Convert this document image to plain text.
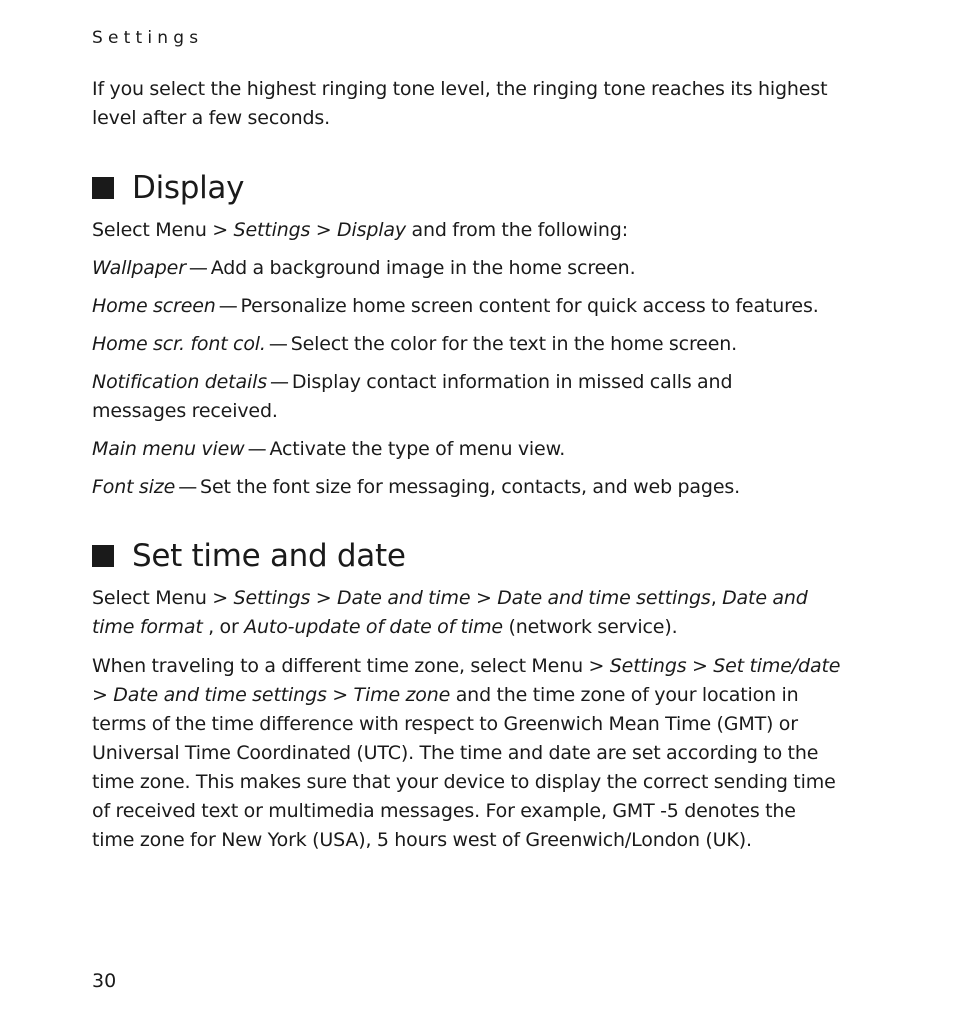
Settings

If you select the highest ringing tone level, the ringing tone reaches its highest level after a few seconds.

Display

Select Menu > Settings > Display and from the following:

Wallpaper — Add a background image in the home screen.

Home screen — Personalize home screen content for quick access to features.

Home scr. font col. — Select the color for the text in the home screen.

Notification details — Display contact information in missed calls and messages received.

Main menu view — Activate the type of menu view.

Font size — Set the font size for messaging, contacts, and web pages.

Set time and date

Select Menu > Settings > Date and time > Date and time settings, Date and time format , or Auto-update of date of time (network service).

When traveling to a different time zone, select Menu > Settings > Set time/date > Date and time settings > Time zone and the time zone of your location in terms of the time difference with respect to Greenwich Mean Time (GMT) or Universal Time Coordinated (UTC). The time and date are set according to the time zone. This makes sure that your device to display the correct sending time of received text or multimedia messages. For example, GMT -5 denotes the time zone for New York (USA), 5 hours west of Greenwich/London (UK).

30
